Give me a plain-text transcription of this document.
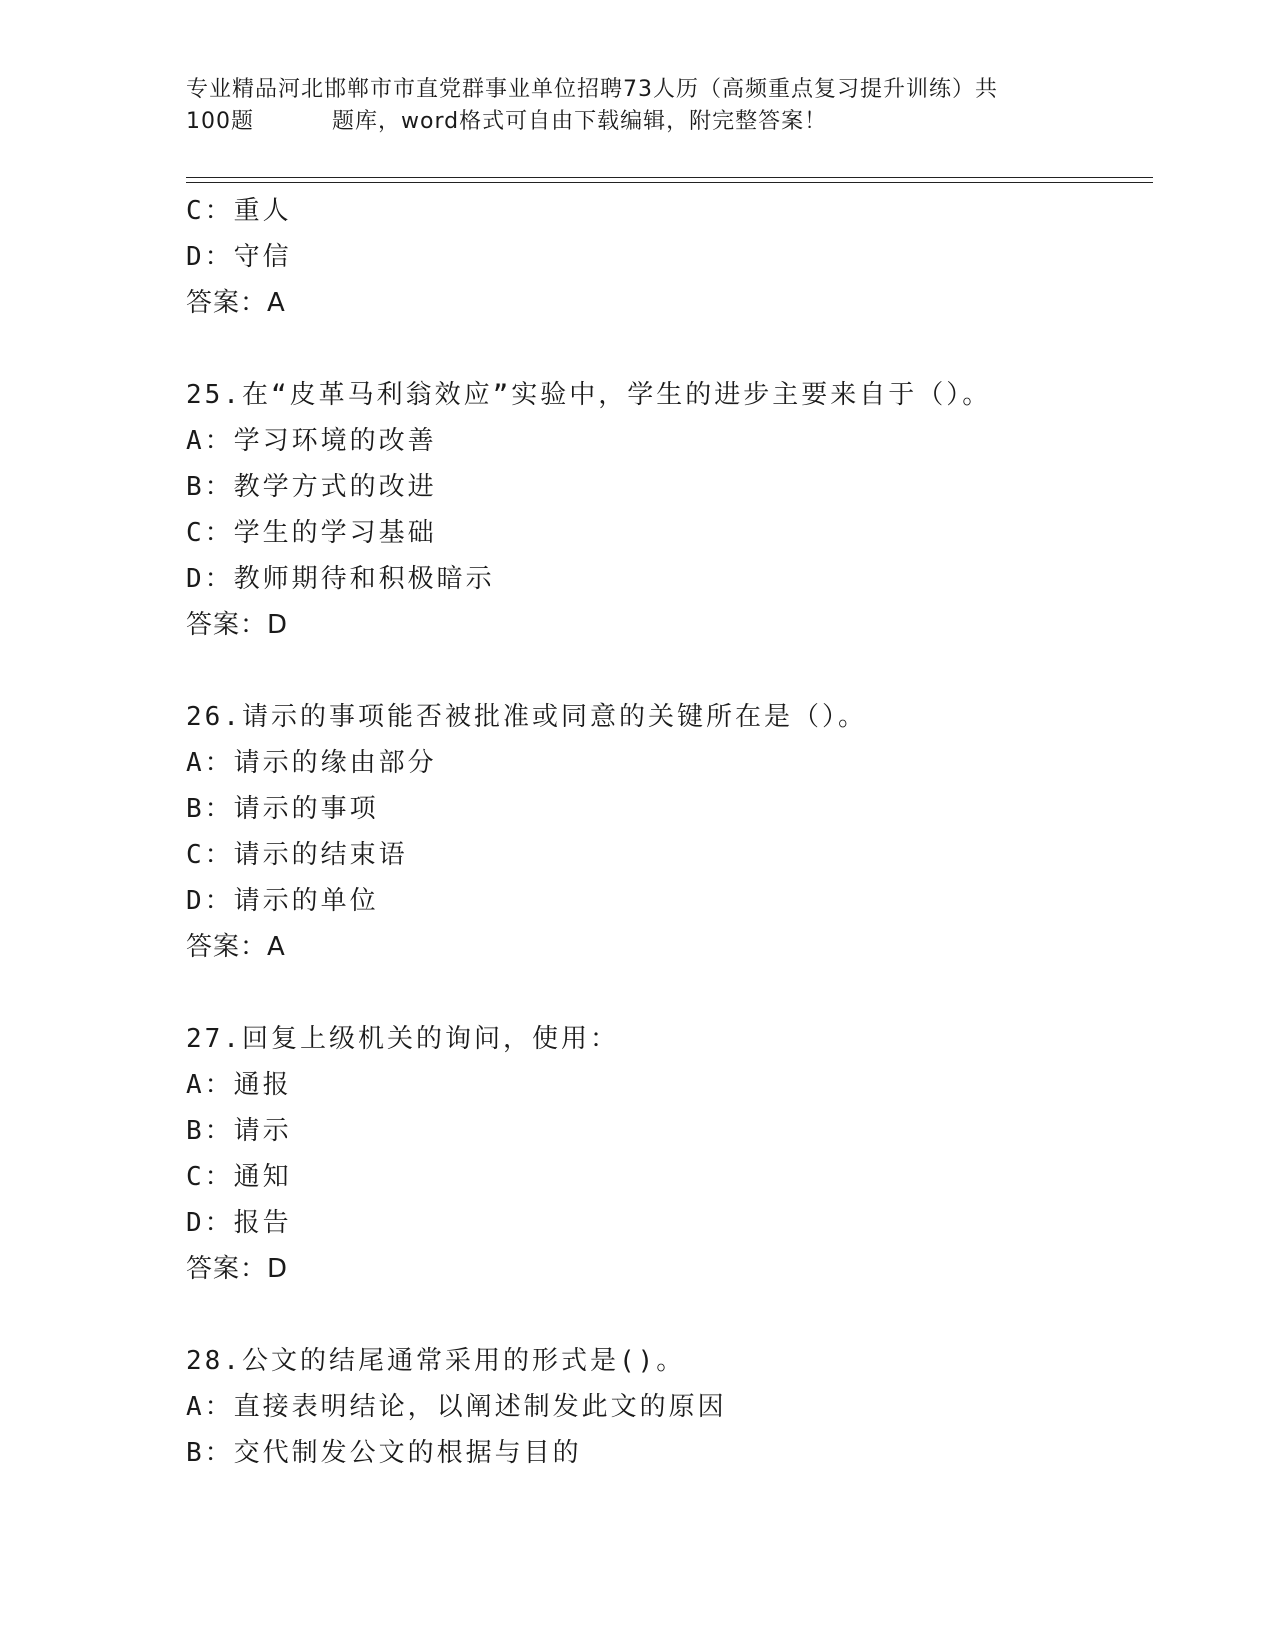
专业精品河北邯郸市市直党群事业单位招聘73人历（高频重点复习提升训练）共
100题	题库，word格式可自由下载编辑，附完整答案！
C：重人
D：守信
答案：A
25.在“皮革马利翁效应”实验中，学生的进步主要来自于（）。
A：学习环境的改善
B：教学方式的改进
C：学生的学习基础
D：教师期待和积极暗示
答案：D
26.请示的事项能否被批准或同意的关键所在是（）。
A：请示的缘由部分
B：请示的事项
C：请示的结束语
D：请示的单位
答案：A
27.回复上级机关的询问，使用：
A：通报
B：请示
C：通知
D：报告
答案：D
28.公文的结尾通常采用的形式是()。
A：直接表明结论，以阐述制发此文的原因
B：交代制发公文的根据与目的
